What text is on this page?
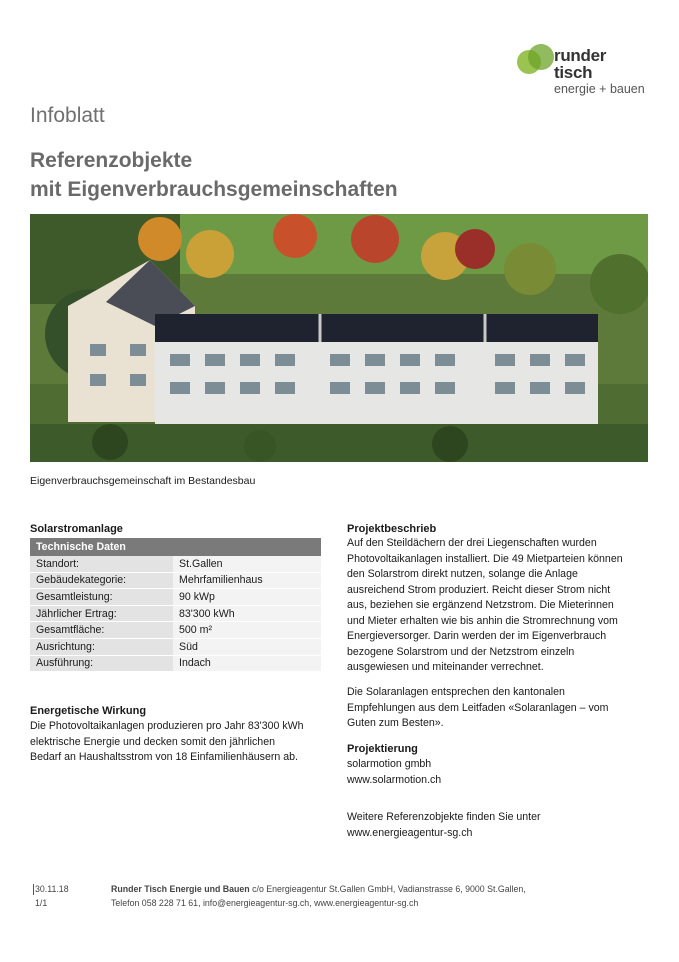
runder
tisch
energie + bauen
Infoblatt
Referenzobjekte
mit Eigenverbrauchsgemeinschaften
Eigenverbrauchsgemeinschaft im Bestandesbau
Solarstromanlage
Technische Daten	
Standort:	St.Gallen
Gebäudekategorie:	Mehrfamilienhaus
Gesamtleistung:	90 kWp
Jährlicher Ertrag:	83'300 kWh
Gesamtfläche:	500 m²
Ausrichtung:	Süd
Ausführung:	Indach
Energetische Wirkung
Die Photovoltaikanlagen produzieren pro Jahr 83'300 kWh
elektrische Energie und decken somit den jährlichen
Bedarf an Haushaltsstrom von 18 Einfamilienhäusern ab.
Projektbeschrieb
Auf den Steildächern der drei Liegenschaften wurden
Photovoltaikanlagen installiert. Die 49 Mietparteien können
den Solarstrom direkt nutzen, solange die Anlage
ausreichend Strom produziert. Reicht dieser Strom nicht
aus, beziehen sie ergänzend Netzstrom. Die Mieterinnen
und Mieter erhalten wie bis anhin die Stromrechnung vom
Energieversorger. Darin werden der im Eigenverbrauch
bezogene Solarstrom und der Netzstrom einzeln
ausgewiesen und miteinander verrechnet.
Die Solaranlagen entsprechen den kantonalen
Empfehlungen aus dem Leitfaden «Solaranlagen – vom
Guten zum Besten».
Projektierung
solarmotion gmbh
www.solarmotion.ch
Weitere Referenzobjekte finden Sie unter
www.energieagentur-sg.ch
30.11.18
1/1
Runder Tisch Energie und Bauen c/o Energieagentur St.Gallen GmbH, Vadianstrasse 6, 9000 St.Gallen,
Telefon 058 228 71 61, info@energieagentur-sg.ch, www.energieagentur-sg.ch
